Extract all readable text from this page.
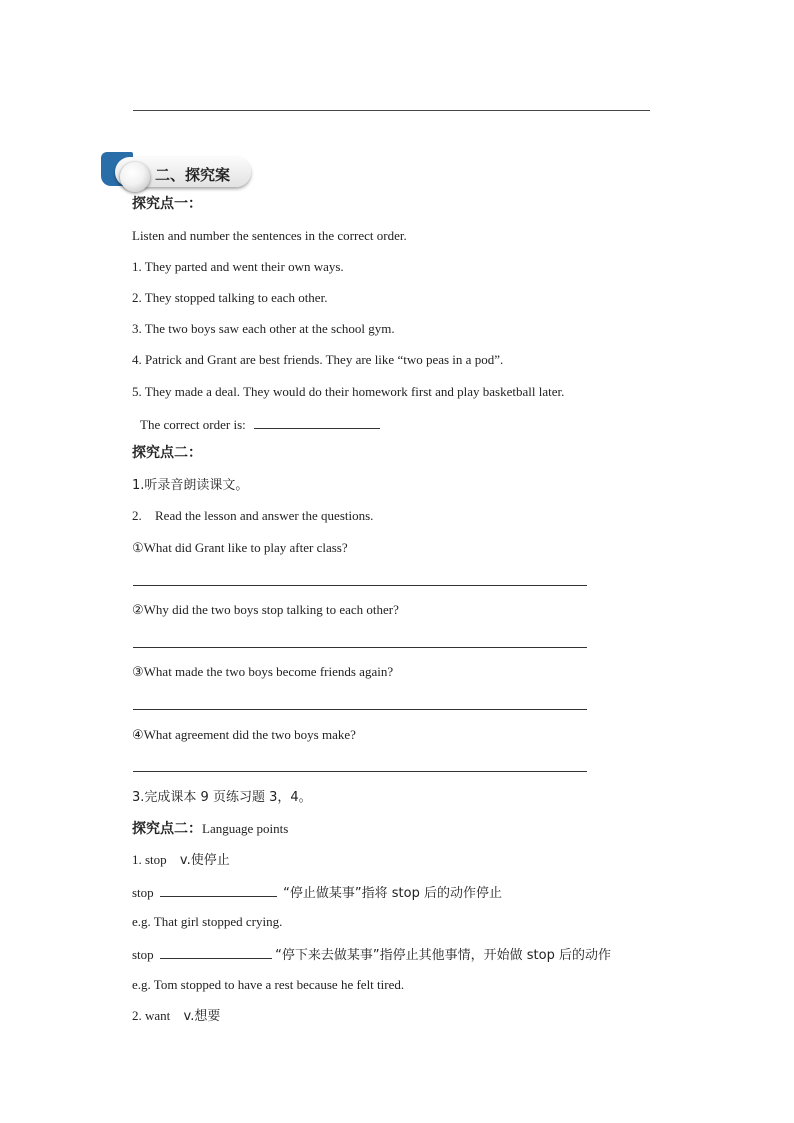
二、探究案
探究点一：
Listen and number the sentences in the correct order.
1. They parted and went their own ways.
2. They stopped talking to each other.
3. The two boys saw each other at the school gym.
4. Patrick and Grant are best friends. They are like “two peas in a pod”.
5. They made a deal. They would do their homework first and play basketball later.
The correct order is:
探究点二：
1.听录音朗读课文。
2. Read the lesson and answer the questions.
①What did Grant like to play after class?
②Why did the two boys stop talking to each other?
③What made the two boys become friends again?
④What agreement did the two boys make?
3.完成课本 9 页练习题 3，4。
探究点二：Language points
1. stop v.使停止
stop	“停止做某事”指将 stop 后的动作停止
e.g. That girl stopped crying.
stop	“停下来去做某事”指停止其他事情，开始做 stop 后的动作
e.g. Tom stopped to have a rest because he felt tired.
2. want v.想要
